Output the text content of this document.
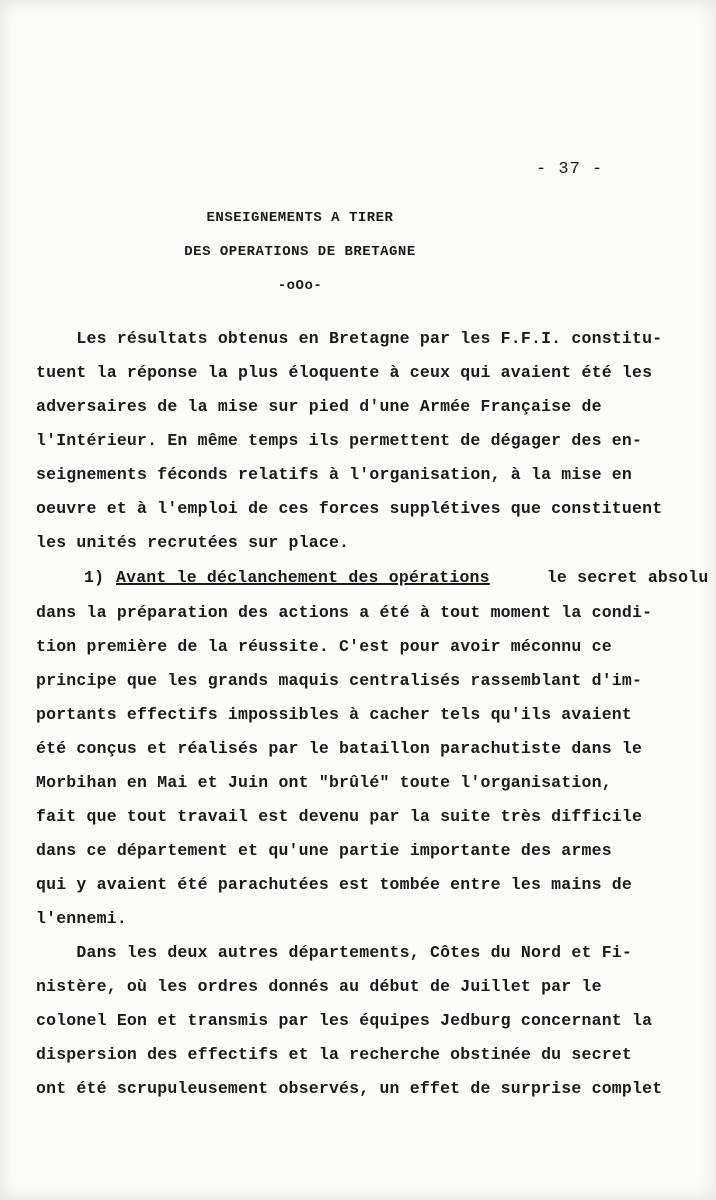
- 37 -
ENSEIGNEMENTS A TIRER
DES OPERATIONS DE BRETAGNE
-oOo-
Les résultats obtenus en Bretagne par les F.F.I. constitu-
tuent la réponse la plus éloquente à ceux qui avaient été les
adversaires de la mise sur pied d'une Armée Française de
l'Intérieur. En même temps ils permettent de dégager des en-
seignements féconds relatifs à l'organisation, à la mise en
oeuvre et à l'emploi de ces forces supplétives que constituent
les unités recrutées sur place.
1) Avant le déclanchement des opérations
le secret absolu
dans la préparation des actions a été à tout moment la condi-
tion première de la réussite. C'est pour avoir méconnu ce
principe que les grands maquis centralisés rassemblant d'im-
portants effectifs impossibles à cacher tels qu'ils avaient
été conçus et réalisés par le bataillon parachutiste dans le
Morbihan en Mai et Juin ont "brûlé" toute l'organisation,
fait que tout travail est devenu par la suite très difficile
dans ce département et qu'une partie importante des armes
qui y avaient été parachutées est tombée entre les mains de
l'ennemi.
Dans les deux autres départements, Côtes du Nord et Fi-
nistère, où les ordres donnés au début de Juillet par le
colonel Eon et transmis par les équipes Jedburg concernant la
dispersion des effectifs et la recherche obstinée du secret
ont été scrupuleusement observés, un effet de surprise complet
